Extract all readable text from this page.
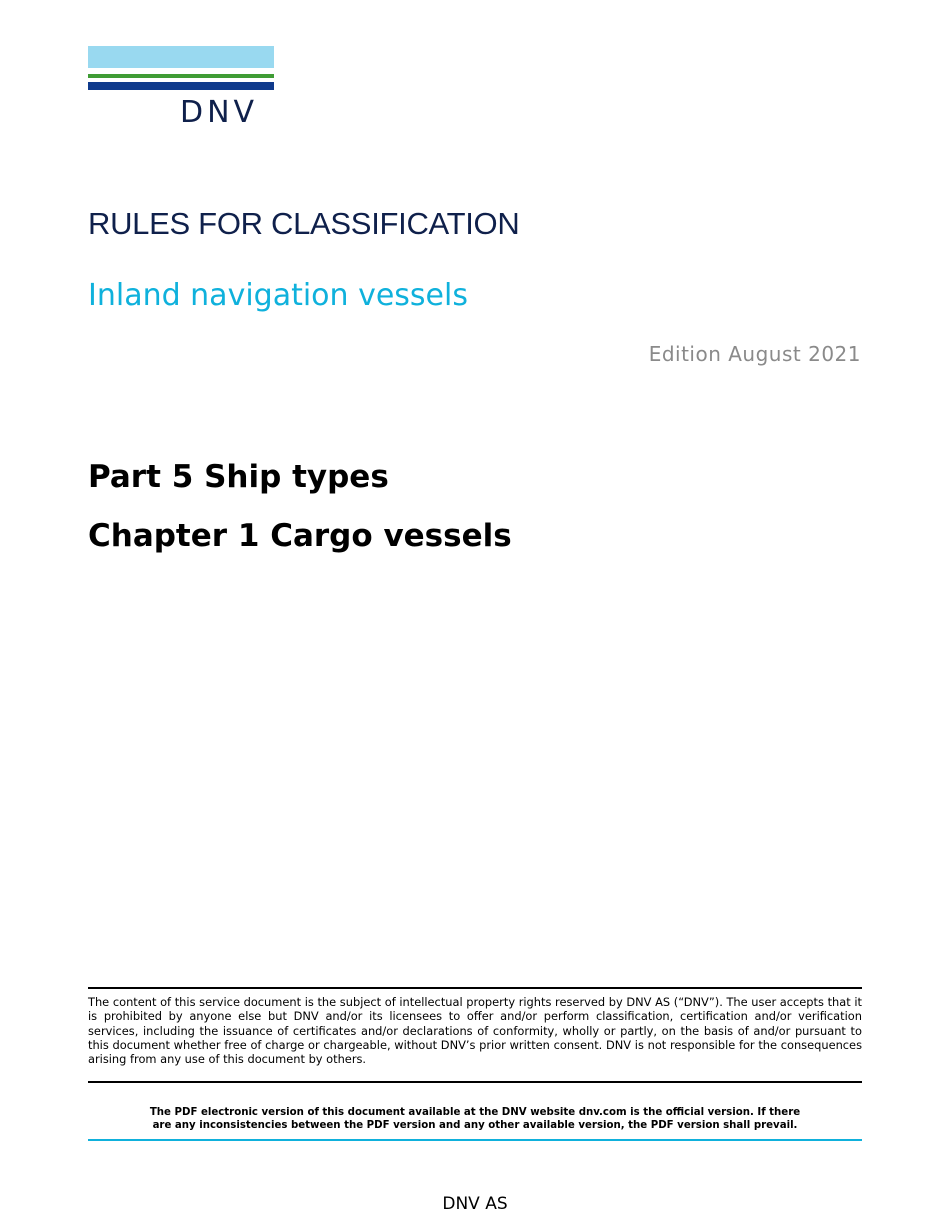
DNV
RULES FOR CLASSIFICATION
Inland navigation vessels
Edition August 2021
Part 5 Ship types
Chapter 1 Cargo vessels
The content of this service document is the subject of intellectual property rights reserved by DNV AS (“DNV”). The user accepts that it is prohibited by anyone else but DNV and/or its licensees to offer and/or perform classification, certification and/or verification services, including the issuance of certificates and/or declarations of conformity, wholly or partly, on the basis of and/or pursuant to this document whether free of charge or chargeable, without DNV’s prior written consent. DNV is not responsible for the consequences arising from any use of this document by others.
The PDF electronic version of this document available at the DNV website dnv.com is the official version. If there
are any inconsistencies between the PDF version and any other available version, the PDF version shall prevail.
DNV AS
